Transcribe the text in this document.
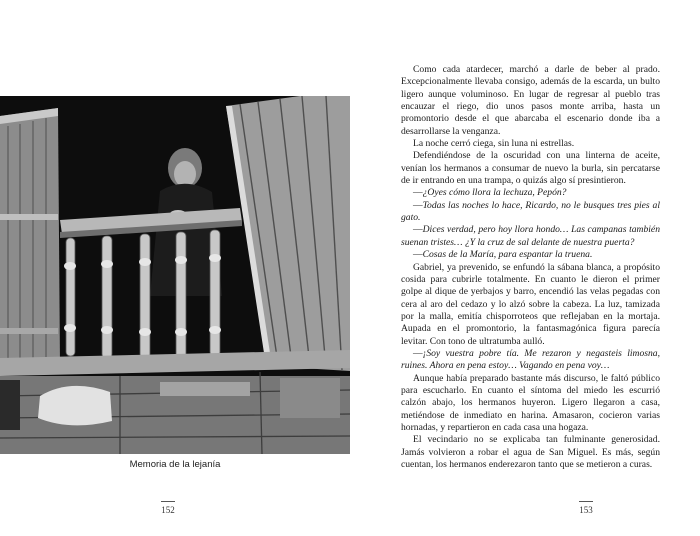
Memoria de la lejanía
152

Como cada atardecer, marchó a darle de beber al prado. Excepcionalmente llevaba consigo, además de la escarda, un bulto ligero aunque voluminoso. En lugar de regresar al pueblo tras encauzar el riego, dio unos pasos monte arriba, hasta un promontorio desde el que abarcaba el escenario donde iba a desarrollarse la venganza.

La noche cerró ciega, sin luna ni estrellas.

Defendiéndose de la oscuridad con una linterna de aceite, venían los hermanos a consumar de nuevo la burla, sin percatarse de ir entrando en una trampa, o quizás algo sí presintieron.

—¿Oyes cómo llora la lechuza, Pepón?

—Todas las noches lo hace, Ricardo, no le busques tres pies al gato.

—Dices verdad, pero hoy llora hondo… Las campanas también suenan tristes… ¿Y la cruz de sal delante de nuestra puerta?

—Cosas de la María, para espantar la truena.

Gabriel, ya prevenido, se enfundó la sábana blanca, a propósito cosida para cubrirle totalmente. En cuanto le dieron el primer golpe al dique de yerbajos y barro, encendió las velas pegadas con cera al aro del cedazo y lo alzó sobre la cabeza. La luz, tamizada por la malla, emitía chisporroteos que reflejaban en la mortaja. Aupada en el promontorio, la fantasmagónica figura parecía levitar. Con tono de ultratumba aulló.

—¡Soy vuestra pobre tía. Me rezaron y negasteis limosna, ruines. Ahora en pena estoy… Vagando en pena voy…

Aunque había preparado bastante más discurso, le faltó público para escucharlo. En cuanto el síntoma del miedo les escurrió calzón abajo, los hermanos huyeron. Ligero llegaron a casa, metiéndose de inmediato en harina. Amasaron, cocieron varias hornadas, y repartieron en cada casa una hogaza.

El vecindario no se explicaba tan fulminante generosidad. Jamás volvieron a robar el agua de San Miguel. Es más, según cuentan, los hermanos enderezaron tanto que se metieron a curas.

153
